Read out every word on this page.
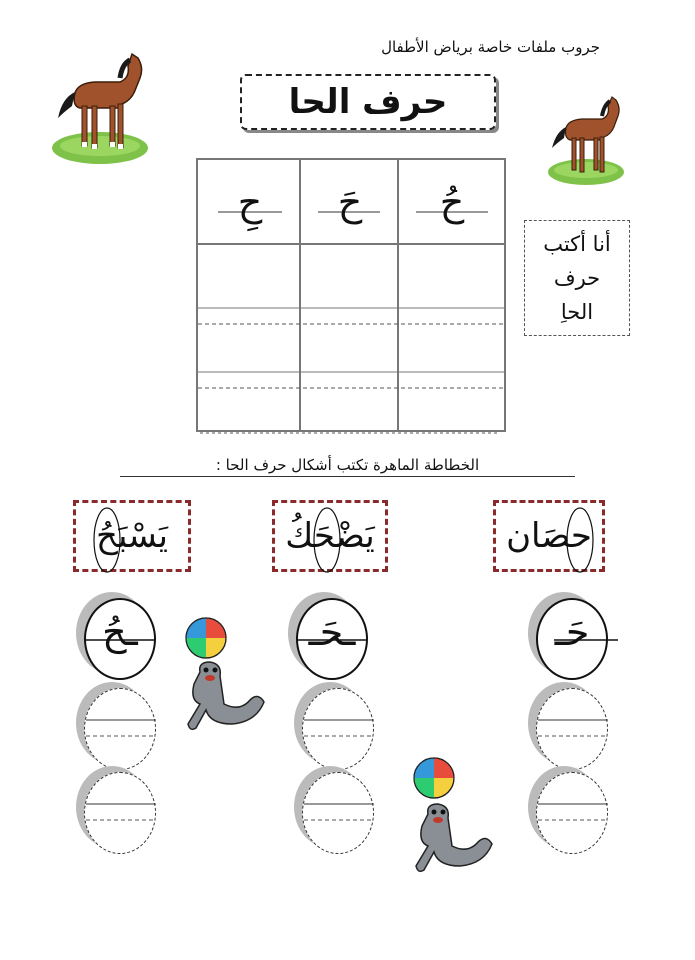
جروب ملفات خاصة برياض الأطفال
حرف الحا
حُ
حَ
حِ
أنا أكتب
حرف
الحاِ
الخطاطة الماهرة تكتب أشكال حرف الحا :
حصَان
يَضْحَكُ
يَسْبَحُ
حَـ
ـحَـ
ـحُ
